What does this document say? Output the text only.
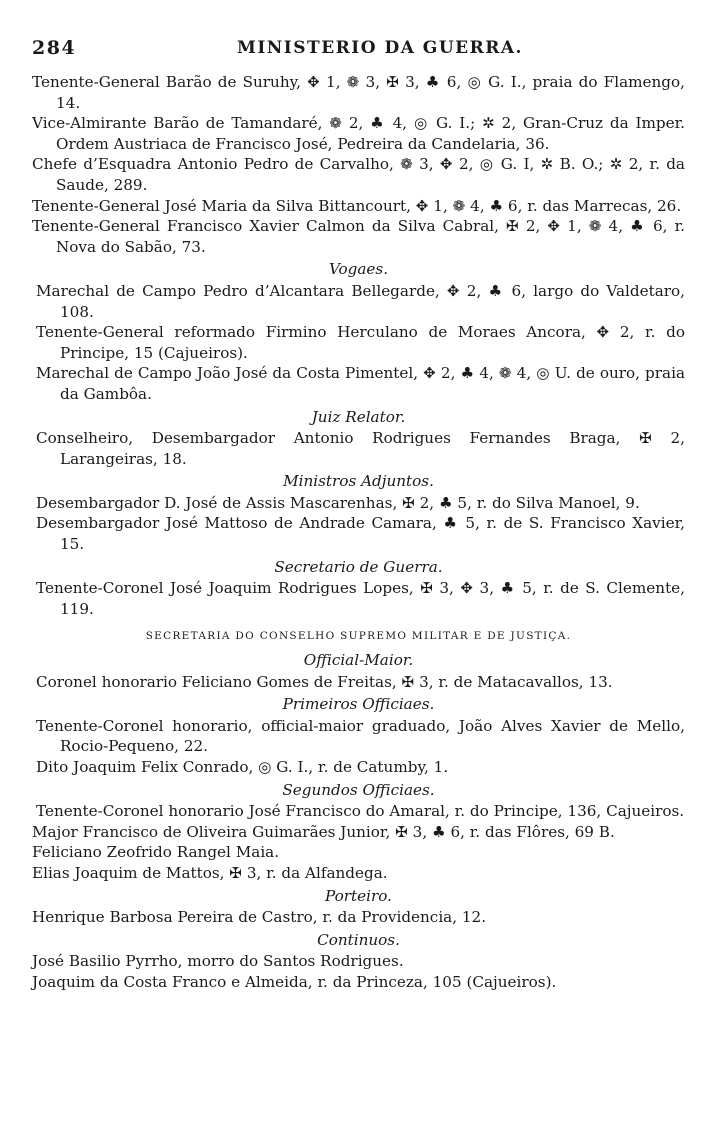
284	MINISTERIO DA GUERRA.

Tenente-General Barão de Suruhy, ✥ 1, ❁ 3, ✠ 3, ♣ 6, ◎ G. I., praia do Flamengo, 14.

Vice-Almirante Barão de Tamandaré, ❁ 2, ♣ 4, ◎ G. I.; ✲ 2, Gran-Cruz da Imper. Ordem Austriaca de Francisco José, Pedreira da Candelaria, 36.

Chefe d’Esquadra Antonio Pedro de Carvalho, ❁ 3, ✥ 2, ◎ G. I, ✲ B. O.; ✲ 2, r. da Saude, 289.

Tenente-General José Maria da Silva Bittancourt, ✥ 1, ❁ 4, ♣ 6, r. das Marrecas, 26.

Tenente-General Francisco Xavier Calmon da Silva Cabral, ✠ 2, ✥ 1, ❁ 4, ♣ 6, r. Nova do Sabão, 73.

Vogaes.

Marechal de Campo Pedro d’Alcantara Bellegarde, ✥ 2, ♣ 6, largo do Valdetaro, 108.

Tenente-General reformado Firmino Herculano de Moraes Ancora, ✥ 2, r. do Principe, 15 (Cajueiros).

Marechal de Campo João José da Costa Pimentel, ✥ 2, ♣ 4, ❁ 4, ◎ U. de ouro, praia da Gambôa.

Juiz Relator.

Conselheiro, Desembargador Antonio Rodrigues Fernandes Braga, ✠ 2, Larangeiras, 18.

Ministros Adjuntos.

Desembargador D. José de Assis Mascarenhas, ✠ 2, ♣ 5, r. do Silva Manoel, 9.

Desembargador José Mattoso de Andrade Camara, ♣ 5, r. de S. Francisco Xavier, 15.

Secretario de Guerra.

Tenente-Coronel José Joaquim Rodrigues Lopes, ✠ 3, ✥ 3, ♣ 5, r. de S. Clemente, 119.

SECRETARIA DO CONSELHO SUPREMO MILITAR E DE JUSTIÇA.
Official-Maior.

Coronel honorario Feliciano Gomes de Freitas, ✠ 3, r. de Matacavallos, 13.

Primeiros Officiaes.

Tenente-Coronel honorario, official-maior graduado, João Alves Xavier de Mello, Rocio-Pequeno, 22.

Dito Joaquim Felix Conrado, ◎ G. I., r. de Catumby, 1.

Segundos Officiaes.

Tenente-Coronel honorario José Francisco do Amaral, r. do Principe, 136, Cajueiros.

Major Francisco de Oliveira Guimarães Junior, ✠ 3, ♣ 6, r. das Flôres, 69 B.

Feliciano Zeofrido Rangel Maia.

Elias Joaquim de Mattos, ✠ 3, r. da Alfandega.

Porteiro.

Henrique Barbosa Pereira de Castro, r. da Providencia, 12.

Continuos.

José Basilio Pyrrho, morro do Santos Rodrigues.

Joaquim da Costa Franco e Almeida, r. da Princeza, 105 (Cajueiros).
